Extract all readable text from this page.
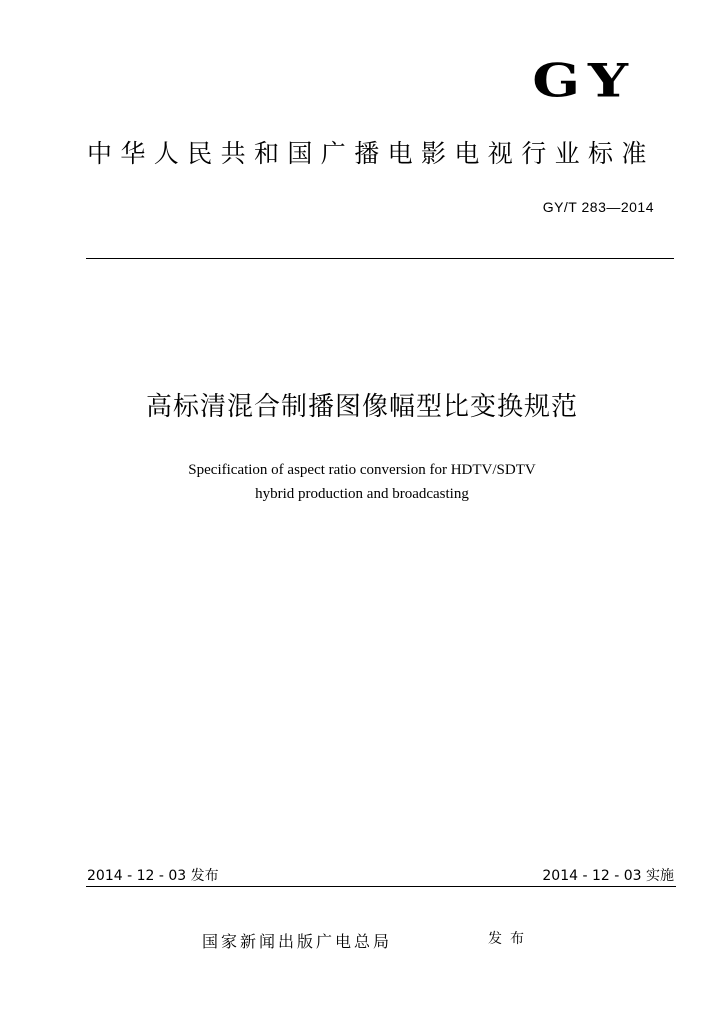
GY
中华人民共和国广播电影电视行业标准
GY/T 283—2014
高标清混合制播图像幅型比变换规范
Specification of aspect ratio conversion for HDTV/SDTV
hybrid production and broadcasting
2014 - 12 - 03 发布	2014 - 12 - 03 实施
国家新闻出版广电总局	发布
